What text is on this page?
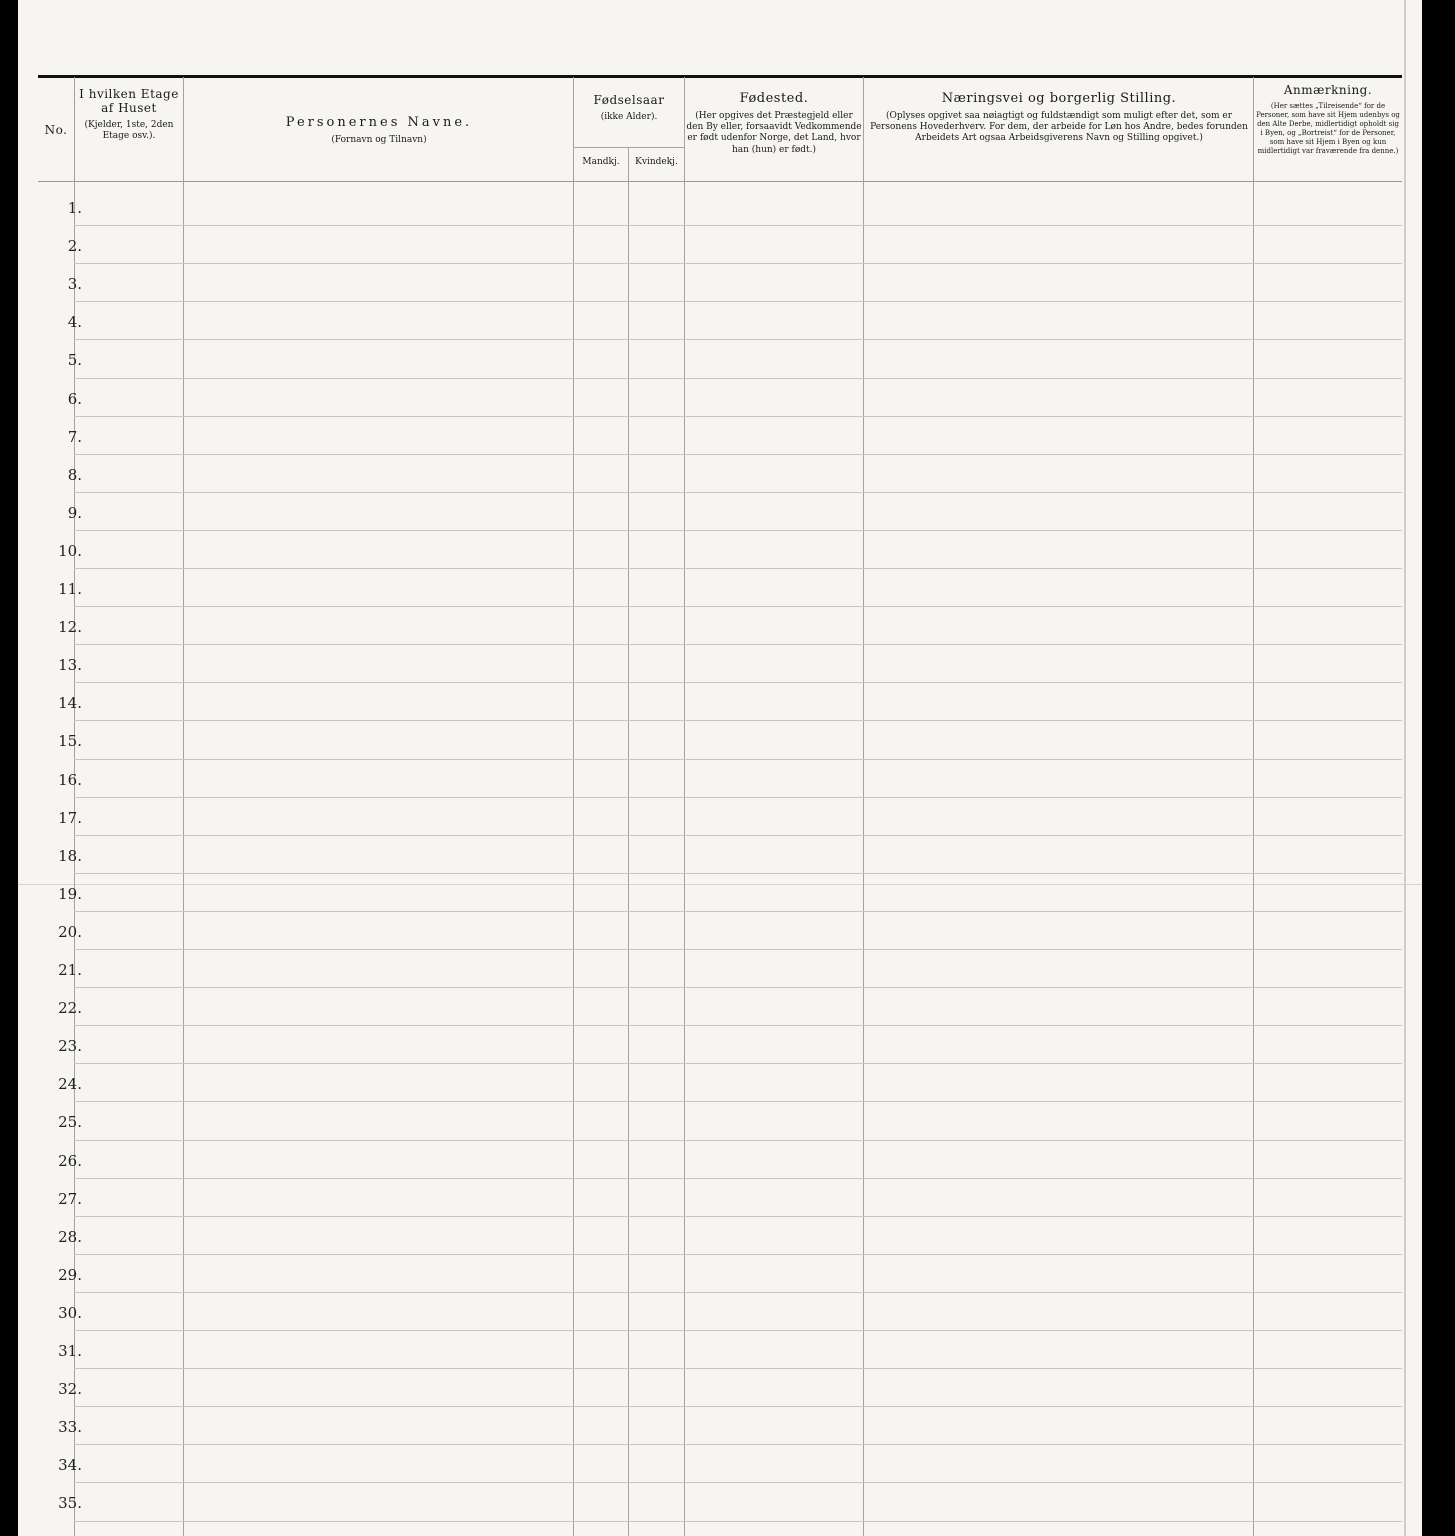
No.
I hvilken Etage af Huset
(Kjelder, 1ste, 2den Etage osv.).
Personernes Navne.
(Fornavn og Tilnavn)
Fødselsaar
(ikke Alder).
Mandkj.	Kvindekj.
Fødested.
(Her opgives det Præstegjeld eller den By eller, forsaavidt Vedkommende er født udenfor Norge, det Land, hvor han (hun) er født.)
Næringsvei og borgerlig Stilling.
(Oplyses opgivet saa nøiagtigt og fuldstændigt som muligt efter det, som er Personens Hovederhverv. For dem, der arbeide for Løn hos Andre, bedes forunden Arbeidets Art ogsaa Arbeidsgiverens Navn og Stilling opgivet.)
Anmærkning.
(Her sættes „Tilreisende“ for de Personer, som have sit Hjem udenbys og den Alte Derbe, midlertidigt opholdt sig i Byen, og „Bortreist“ for de Personer, som have sit Hjem i Byen og kun midlertidigt var fraværende fra denne.)
1.
2.
3.
4.
5.
6.
7.
8.
9.
10.
11.
12.
13.
14.
15.
16.
17.
18.
19.
20.
21.
22.
23.
24.
25.
26.
27.
28.
29.
30.
31.
32.
33.
34.
35.
